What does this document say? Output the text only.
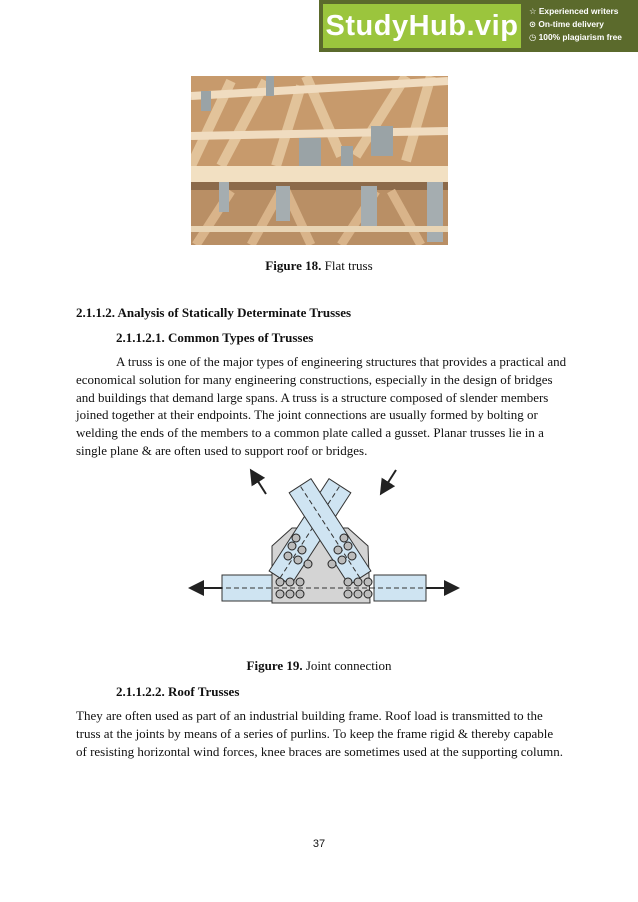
StudyHub.vip	☆ Experienced writers
⊙ On-time delivery
◷ 100% plagiarism free
Figure 18. Flat truss
2.1.1.2. Analysis of Statically Determinate Trusses
2.1.1.2.1. Common Types of Trusses

A truss is one of the major types of engineering structures that provides a practical and
economical solution for many engineering constructions, especially in the design of bridges
and buildings that demand large spans. A truss is a structure composed of slender members
joined together at their endpoints. The joint connections are usually formed by bolting or
welding the ends of the members to a common plate called a gusset. Planar trusses lie in a
single plane & are often used to support roof or bridges.

Figure 19. Joint connection
2.1.1.2.2. Roof Trusses

They are often used as part of an industrial building frame. Roof load is transmitted to the
truss at the joints by means of a series of purlins. To keep the frame rigid & thereby capable
of resisting horizontal wind forces, knee braces are sometimes used at the supporting column.

37
